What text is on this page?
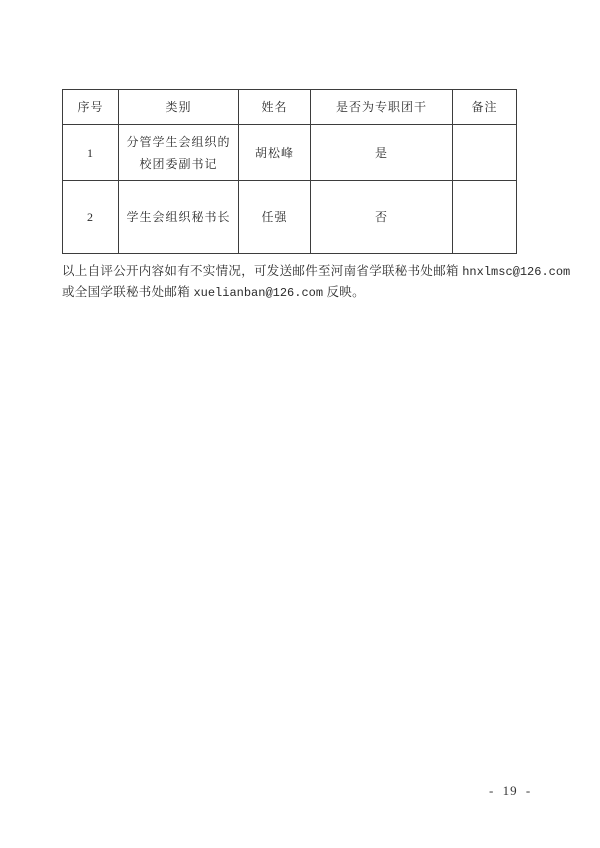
序号	类别	姓名	是否为专职团干	备注
1	分管学生会组织的校团委副书记	胡松峰	是	
2	学生会组织秘书长	任强	否	
以上自评公开内容如有不实情况，可发送邮件至河南省学联秘书处邮箱 hnxlmsc@126.com
或全国学联秘书处邮箱 xuelianban@126.com 反映。
- 19 -
